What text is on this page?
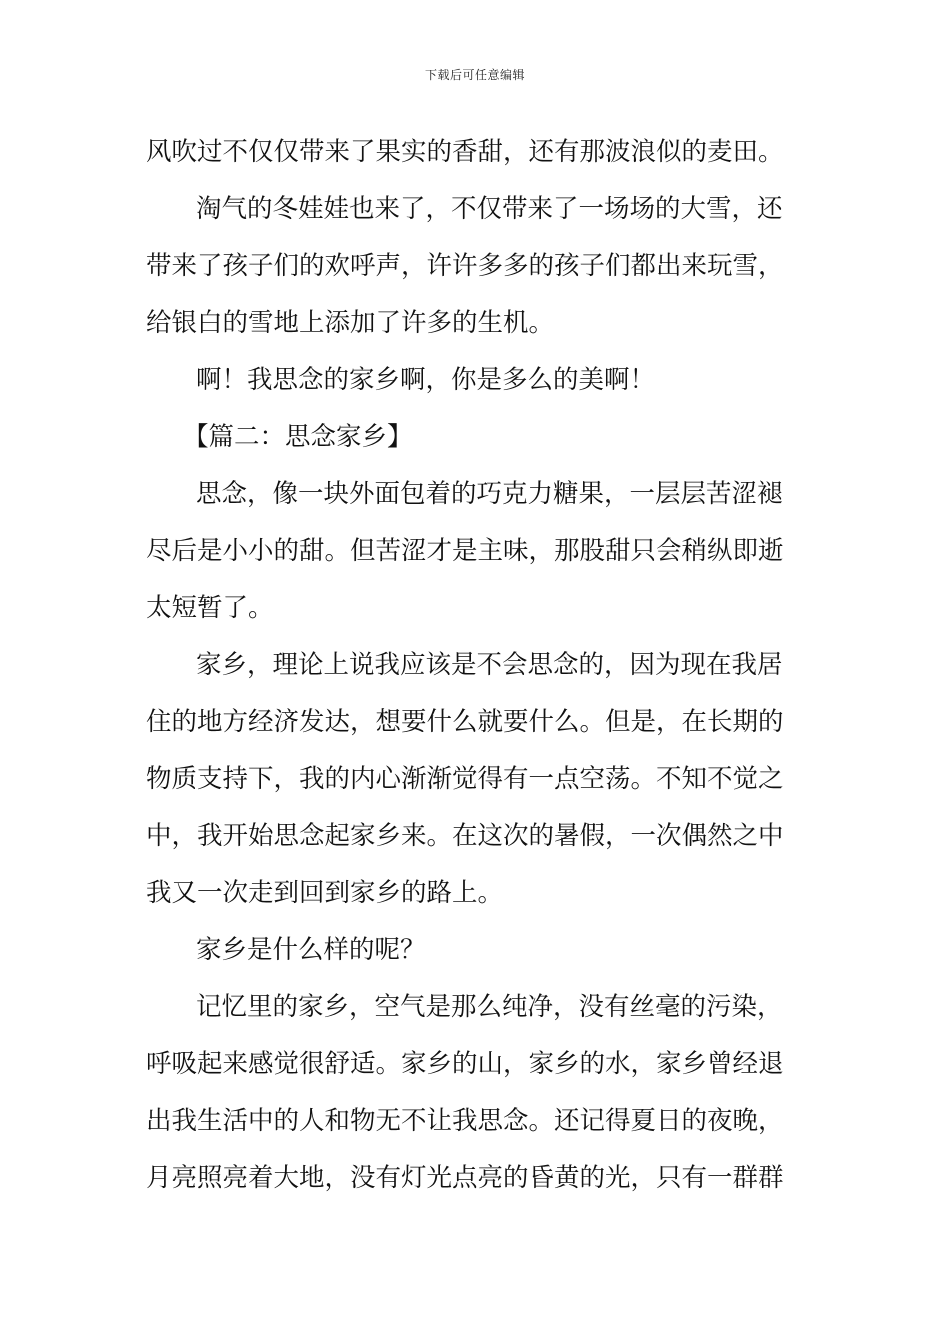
下载后可任意编辑
风吹过不仅仅带来了果实的香甜，还有那波浪似的麦田。
淘气的冬娃娃也来了，不仅带来了一场场的大雪，还
带来了孩子们的欢呼声，许许多多的孩子们都出来玩雪，
给银白的雪地上添加了许多的生机。
啊！我思念的家乡啊，你是多么的美啊！
【篇二：思念家乡】
思念，像一块外面包着的巧克力糖果，一层层苦涩褪
尽后是小小的甜。但苦涩才是主味，那股甜只会稍纵即逝
太短暂了。
家乡，理论上说我应该是不会思念的，因为现在我居
住的地方经济发达，想要什么就要什么。但是，在长期的
物质支持下，我的内心渐渐觉得有一点空荡。不知不觉之
中，我开始思念起家乡来。在这次的暑假，一次偶然之中
我又一次走到回到家乡的路上。
家乡是什么样的呢？
记忆里的家乡，空气是那么纯净，没有丝毫的污染，
呼吸起来感觉很舒适。家乡的山，家乡的水，家乡曾经退
出我生活中的人和物无不让我思念。还记得夏日的夜晚，
月亮照亮着大地，没有灯光点亮的昏黄的光，只有一群群
